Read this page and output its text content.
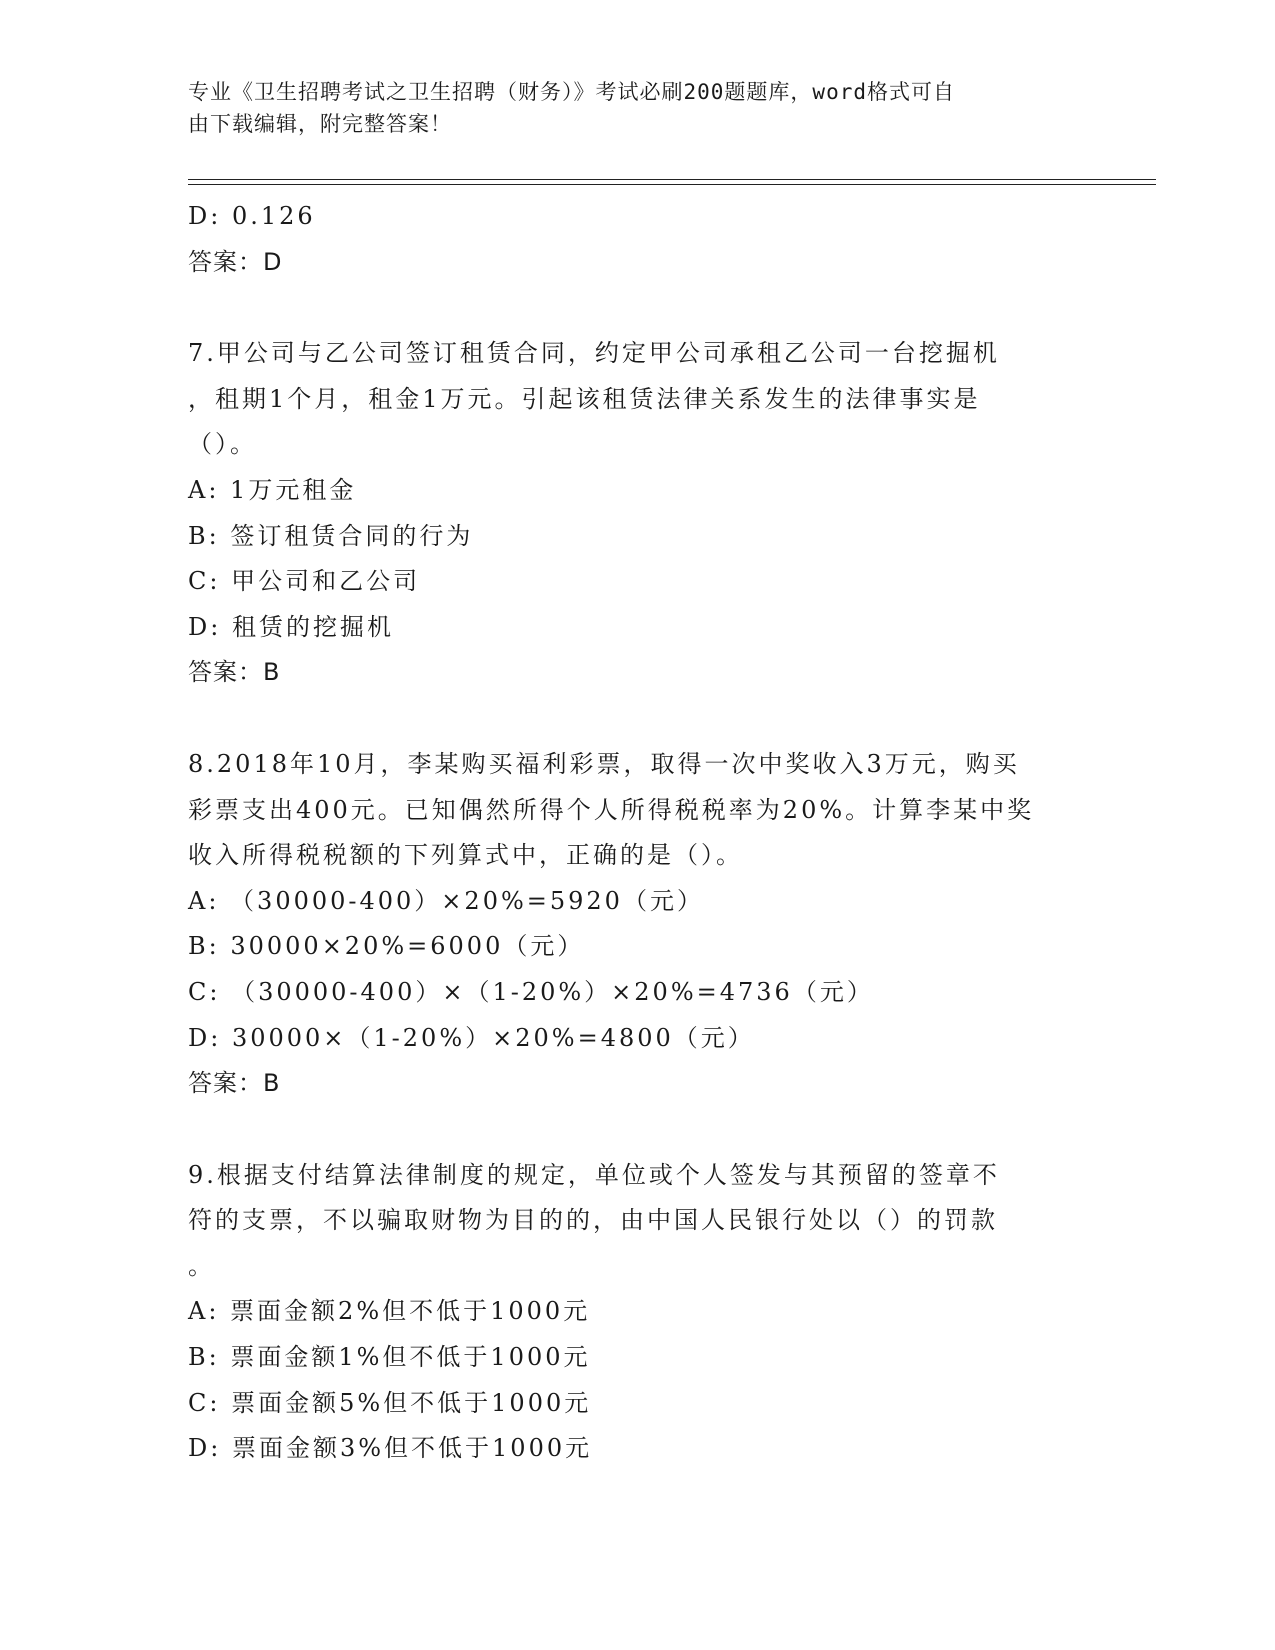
专业《卫生招聘考试之卫生招聘（财务）》考试必刷200题题库，word格式可自
由下载编辑，附完整答案！
D: 0.126
答案：D
7.甲公司与乙公司签订租赁合同，约定甲公司承租乙公司一台挖掘机
，租期1个月，租金1万元。引起该租赁法律关系发生的法律事实是
（）。
A: 1万元租金
B: 签订租赁合同的行为
C: 甲公司和乙公司
D: 租赁的挖掘机
答案：B
8.2018年10月，李某购买福利彩票，取得一次中奖收入3万元，购买
彩票支出400元。已知偶然所得个人所得税税率为20%。计算李某中奖
收入所得税税额的下列算式中，正确的是（）。
A: （30000-400）×20%=5920（元）
B: 30000×20%=6000（元）
C: （30000-400）×（1-20%）×20%=4736（元）
D: 30000×（1-20%）×20%=4800（元）
答案：B
9.根据支付结算法律制度的规定，单位或个人签发与其预留的签章不
符的支票，不以骗取财物为目的的，由中国人民银行处以（）的罚款
。
A: 票面金额2%但不低于1000元
B: 票面金额1%但不低于1000元
C: 票面金额5%但不低于1000元
D: 票面金额3%但不低于1000元
